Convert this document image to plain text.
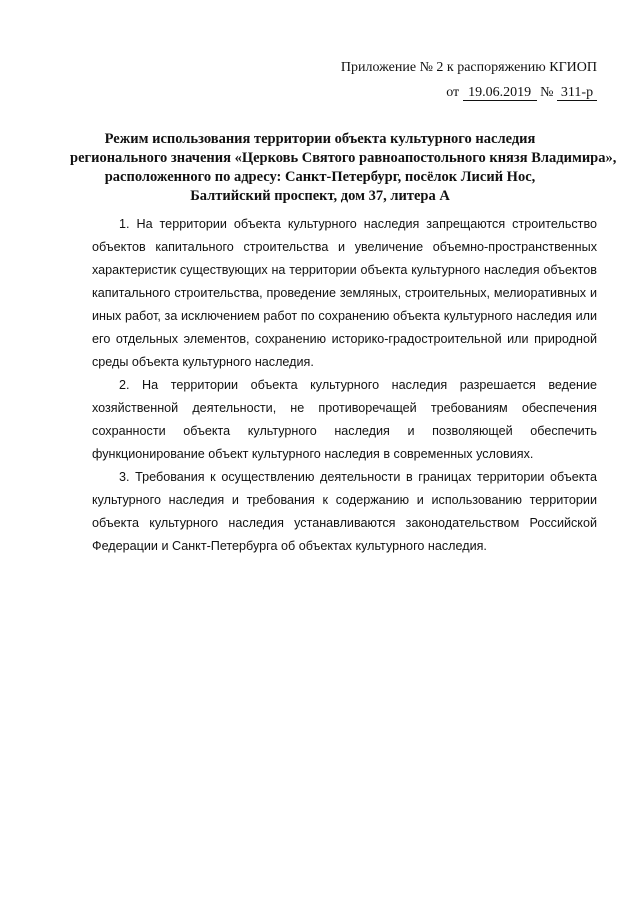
Приложение № 2 к распоряжению КГИОП
от 19.06.2019 № 311-р
Режим использования территории объекта культурного наследия
регионального значения «Церковь Святого равноапостольного князя Владимира»,
расположенного по адресу: Санкт-Петербург, посёлок Лисий Нос,
Балтийский проспект, дом 37, литера А

1. На территории объекта культурного наследия запрещаются строительство объектов капитального строительства и увеличение объемно-пространственных характеристик существующих на территории объекта культурного наследия объектов капитального строительства, проведение земляных, строительных, мелиоративных и иных работ, за исключением работ по сохранению объекта культурного наследия или его отдельных элементов, сохранению историко-градостроительной или природной среды объекта культурного наследия.

2. На территории объекта культурного наследия разрешается ведение хозяйственной деятельности, не противоречащей требованиям обеспечения сохранности объекта культурного наследия и позволяющей обеспечить функционирование объект культурного наследия в современных условиях.

3. Требования к осуществлению деятельности в границах территории объекта культурного наследия и требования к содержанию и использованию территории объекта культурного наследия устанавливаются законодательством Российской Федерации и Санкт-Петербурга об объектах культурного наследия.
